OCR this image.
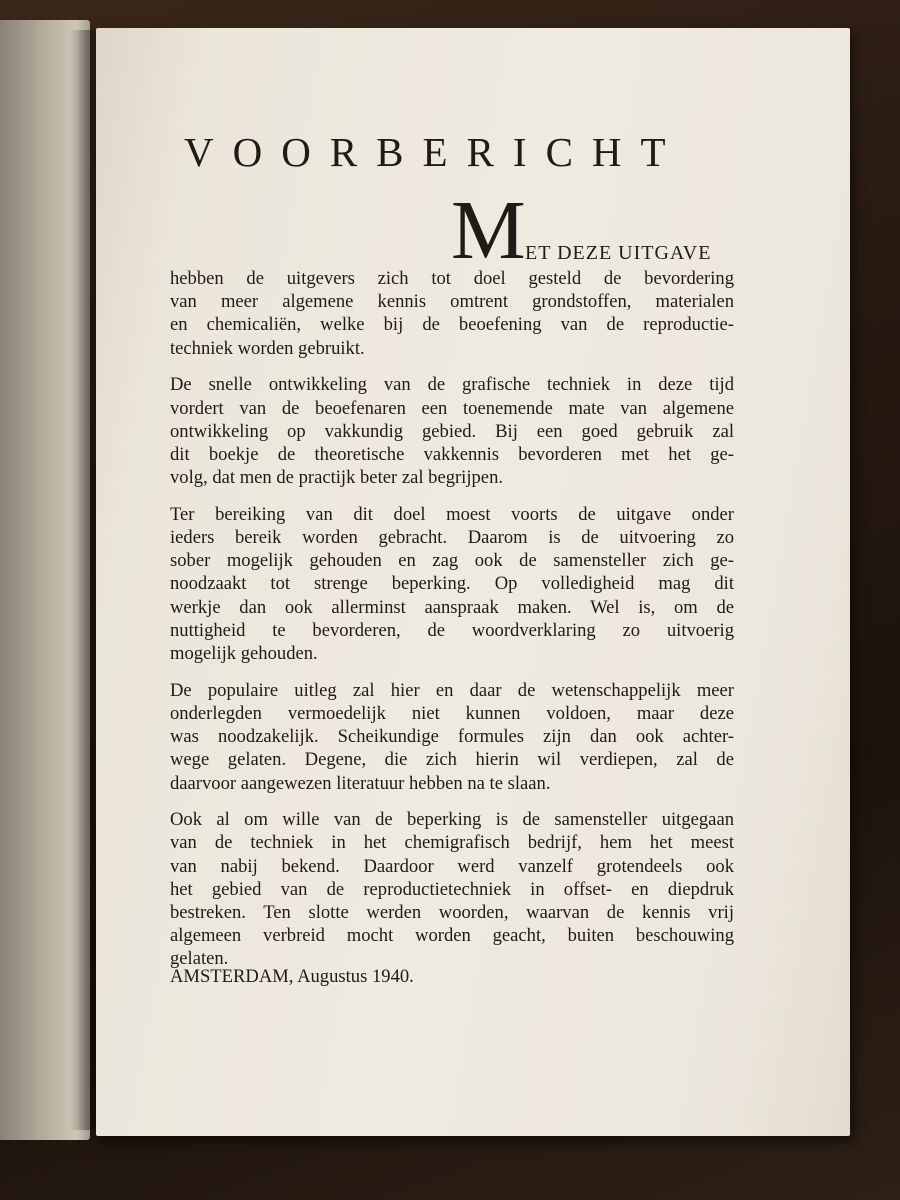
VOORBERICHT
M ET DEZE UITGAVE

hebben de uitgevers zich tot doel gesteld de bevordering
van meer algemene kennis omtrent grondstoffen, materialen
en chemicaliën, welke bij de beoefening van de reproductie-
techniek worden gebruikt.

De snelle ontwikkeling van de grafische techniek in deze tijd
vordert van de beoefenaren een toenemende mate van algemene
ontwikkeling op vakkundig gebied. Bij een goed gebruik zal
dit boekje de theoretische vakkennis bevorderen met het ge-
volg, dat men de practijk beter zal begrijpen.

Ter bereiking van dit doel moest voorts de uitgave onder
ieders bereik worden gebracht. Daarom is de uitvoering zo
sober mogelijk gehouden en zag ook de samensteller zich ge-
noodzaakt tot strenge beperking. Op volledigheid mag dit
werkje dan ook allerminst aanspraak maken. Wel is, om de
nuttigheid te bevorderen, de woordverklaring zo uitvoerig
mogelijk gehouden.

De populaire uitleg zal hier en daar de wetenschappelijk meer
onderlegden vermoedelijk niet kunnen voldoen, maar deze
was noodzakelijk. Scheikundige formules zijn dan ook achter-
wege gelaten. Degene, die zich hierin wil verdiepen, zal de
daarvoor aangewezen literatuur hebben na te slaan.

Ook al om wille van de beperking is de samensteller uitgegaan
van de techniek in het chemigrafisch bedrijf, hem het meest
van nabij bekend. Daardoor werd vanzelf grotendeels ook
het gebied van de reproductietechniek in offset- en diepdruk
bestreken. Ten slotte werden woorden, waarvan de kennis vrij
algemeen verbreid mocht worden geacht, buiten beschouwing
gelaten.

AMSTERDAM, Augustus 1940.
